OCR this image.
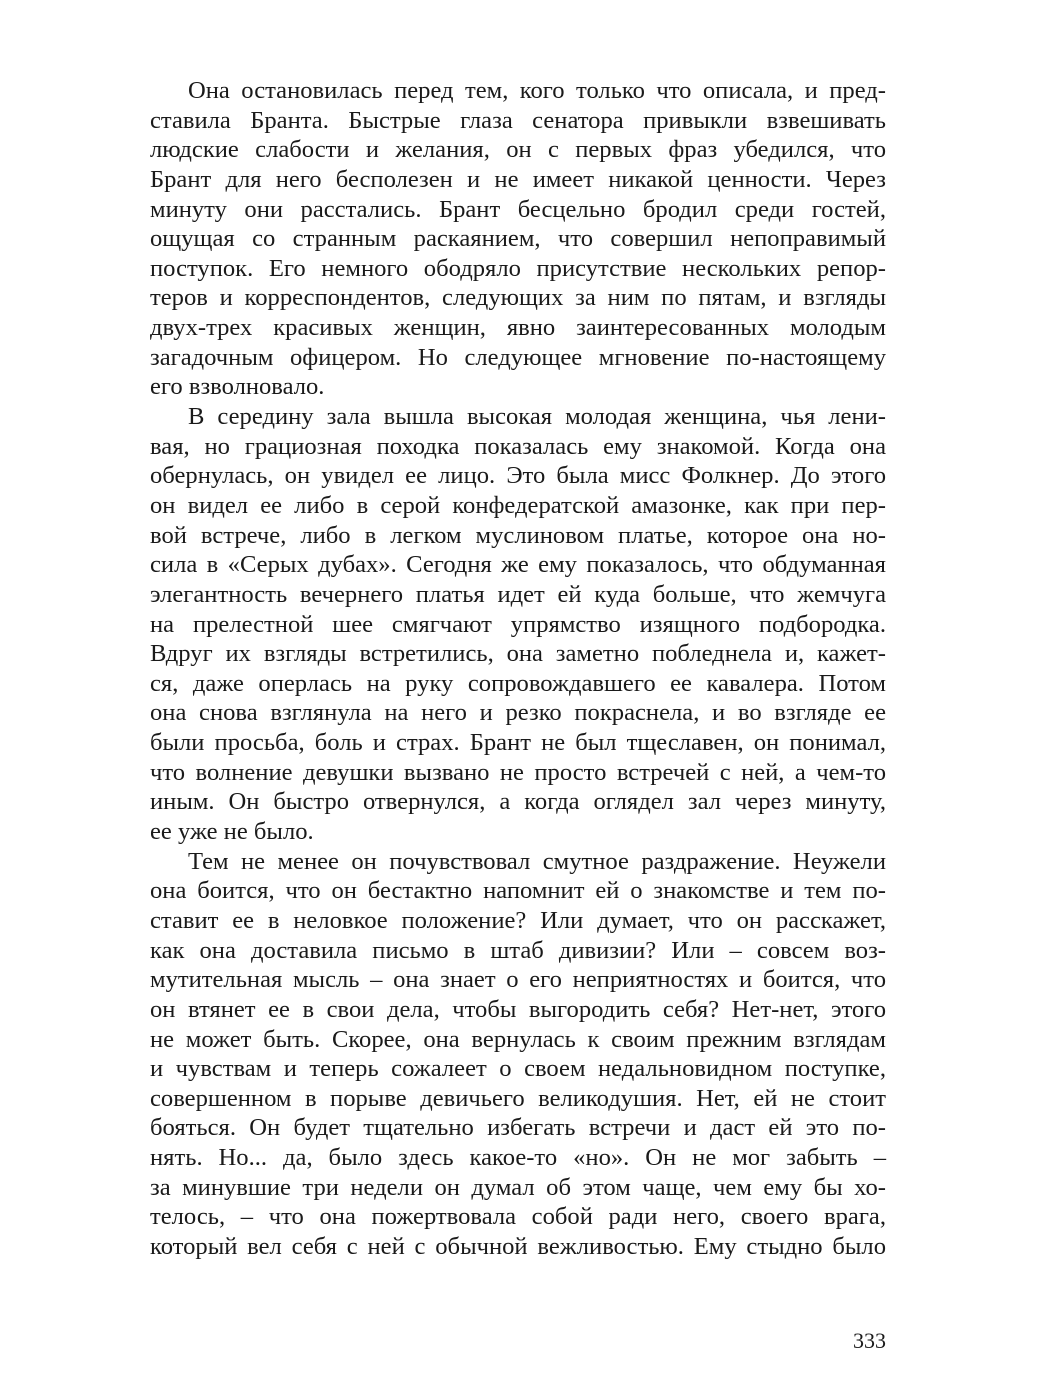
Она остановилась перед тем, кого только что описала, и пред-
ставила Бранта. Быстрые глаза сенатора привыкли взвешивать
людские слабости и желания, он с первых фраз убедился, что
Брант для него бесполезен и не имеет никакой ценности. Через
минуту они расстались. Брант бесцельно бродил среди гостей,
ощущая со странным раскаянием, что совершил непоправимый
поступок. Его немного ободряло присутствие нескольких репор-
теров и корреспондентов, следующих за ним по пятам, и взгляды
двух-трех красивых женщин, явно заинтересованных молодым
загадочным офицером. Но следующее мгновение по-настоящему
его взволновало.

В середину зала вышла высокая молодая женщина, чья лени-
вая, но грациозная походка показалась ему знакомой. Когда она
обернулась, он увидел ее лицо. Это была мисс Фолкнер. До этого
он видел ее либо в серой конфедератской амазонке, как при пер-
вой встрече, либо в легком муслиновом платье, которое она но-
сила в «Серых дубах». Сегодня же ему показалось, что обдуманная
элегантность вечернего платья идет ей куда больше, что жемчуга
на прелестной шее смягчают упрямство изящного подбородка.
Вдруг их взгляды встретились, она заметно побледнела и, кажет-
ся, даже оперлась на руку сопровождавшего ее кавалера. Потом
она снова взглянула на него и резко покраснела, и во взгляде ее
были просьба, боль и страх. Брант не был тщеславен, он понимал,
что волнение девушки вызвано не просто встречей с ней, а чем-то
иным. Он быстро отвернулся, а когда оглядел зал через минуту,
ее уже не было.

Тем не менее он почувствовал смутное раздражение. Неужели
она боится, что он бестактно напомнит ей о знакомстве и тем по-
ставит ее в неловкое положение? Или думает, что он расскажет,
как она доставила письмо в штаб дивизии? Или – совсем воз-
мутительная мысль – она знает о его неприятностях и боится, что
он втянет ее в свои дела, чтобы выгородить себя? Нет-нет, этого
не может быть. Скорее, она вернулась к своим прежним взглядам
и чувствам и теперь сожалеет о своем недальновидном поступке,
совершенном в порыве девичьего великодушия. Нет, ей не стоит
бояться. Он будет тщательно избегать встречи и даст ей это по-
нять. Но... да, было здесь какое-то «но». Он не мог забыть –
за минувшие три недели он думал об этом чаще, чем ему бы хо-
телось, – что она пожертвовала собой ради него, своего врага,
который вел себя с ней с обычной вежливостью. Ему стыдно было

333
